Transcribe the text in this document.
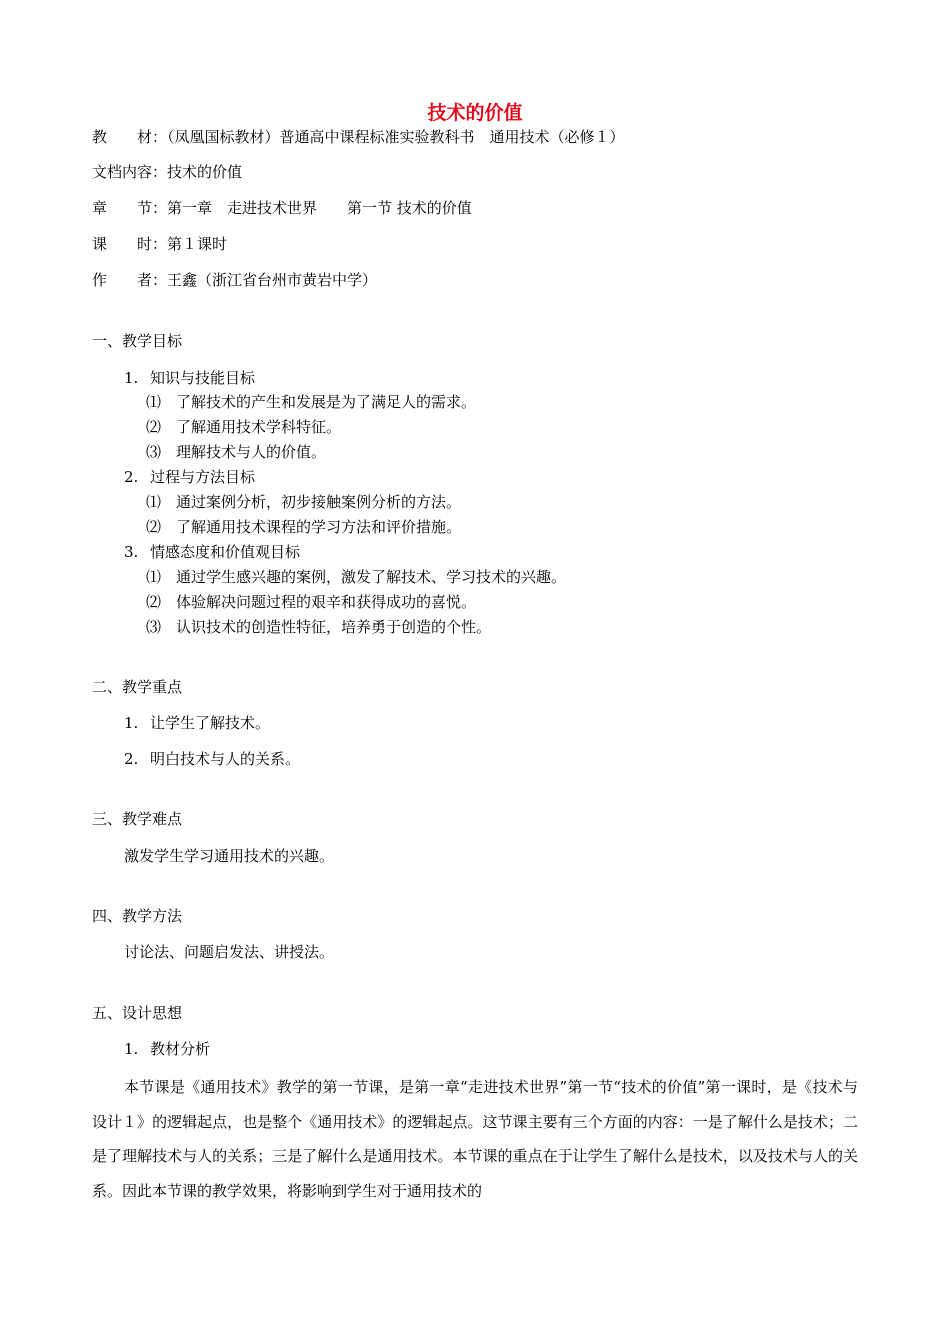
技术的价值
教　　材：（凤凰国标教材）普通高中课程标准实验教科书　通用技术（必修１）
文档内容：技术的价值
章　　节：第一章　走进技术世界　　第一节 技术的价值
课　　时：第１课时
作　　者：王鑫（浙江省台州市黄岩中学）
一、教学目标
1. 知识与技能目标
⑴ 了解技术的产生和发展是为了满足人的需求。
⑵ 了解通用技术学科特征。
⑶ 理解技术与人的价值。
2. 过程与方法目标
⑴ 通过案例分析，初步接触案例分析的方法。
⑵ 了解通用技术课程的学习方法和评价措施。
3. 情感态度和价值观目标
⑴ 通过学生感兴趣的案例，激发了解技术、学习技术的兴趣。
⑵ 体验解决问题过程的艰辛和获得成功的喜悦。
⑶ 认识技术的创造性特征，培养勇于创造的个性。
二、教学重点
1. 让学生了解技术。
2. 明白技术与人的关系。
三、教学难点
激发学生学习通用技术的兴趣。
四、教学方法
讨论法、问题启发法、讲授法。
五、设计思想
1. 教材分析
本节课是《通用技术》教学的第一节课，是第一章“走进技术世界”第一节“技术的价值”第一课时，是《技术与设计１》的逻辑起点，也是整个《通用技术》的逻辑起点。这节课主要有三个方面的内容：一是了解什么是技术；二是了理解技术与人的关系；三是了解什么是通用技术。本节课的重点在于让学生了解什么是技术，以及技术与人的关系。因此本节课的教学效果，将影响到学生对于通用技术的
